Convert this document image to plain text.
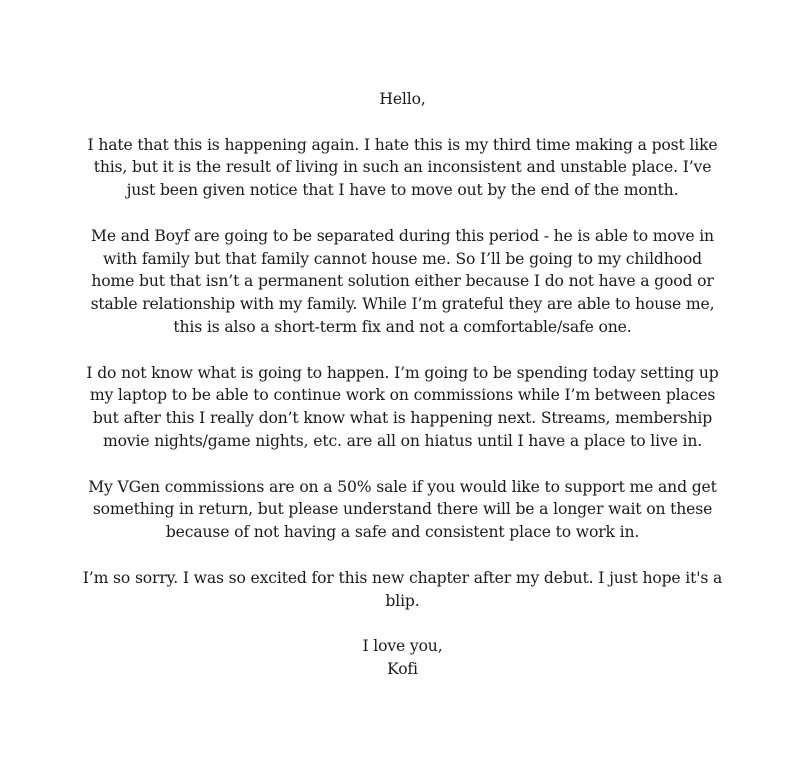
Hello,

I hate that this is happening again. I hate this is my third time making a post like this, but it is the result of living in such an inconsistent and unstable place. I’ve just been given notice that I have to move out by the end of the month.

Me and Boyf are going to be separated during this period - he is able to move in with family but that family cannot house me. So I’ll be going to my childhood home but that isn’t a permanent solution either because I do not have a good or stable relationship with my family. While I’m grateful they are able to house me, this is also a short-term fix and not a comfortable/safe one.

I do not know what is going to happen. I’m going to be spending today setting up my laptop to be able to continue work on commissions while I’m between places but after this I really don’t know what is happening next. Streams, membership movie nights/game nights, etc. are all on hiatus until I have a place to live in.

My VGen commissions are on a 50% sale if you would like to support me and get something in return, but please understand there will be a longer wait on these because of not having a safe and consistent place to work in.

I’m so sorry. I was so excited for this new chapter after my debut. I just hope it's a blip.

I love you,
Kofi
